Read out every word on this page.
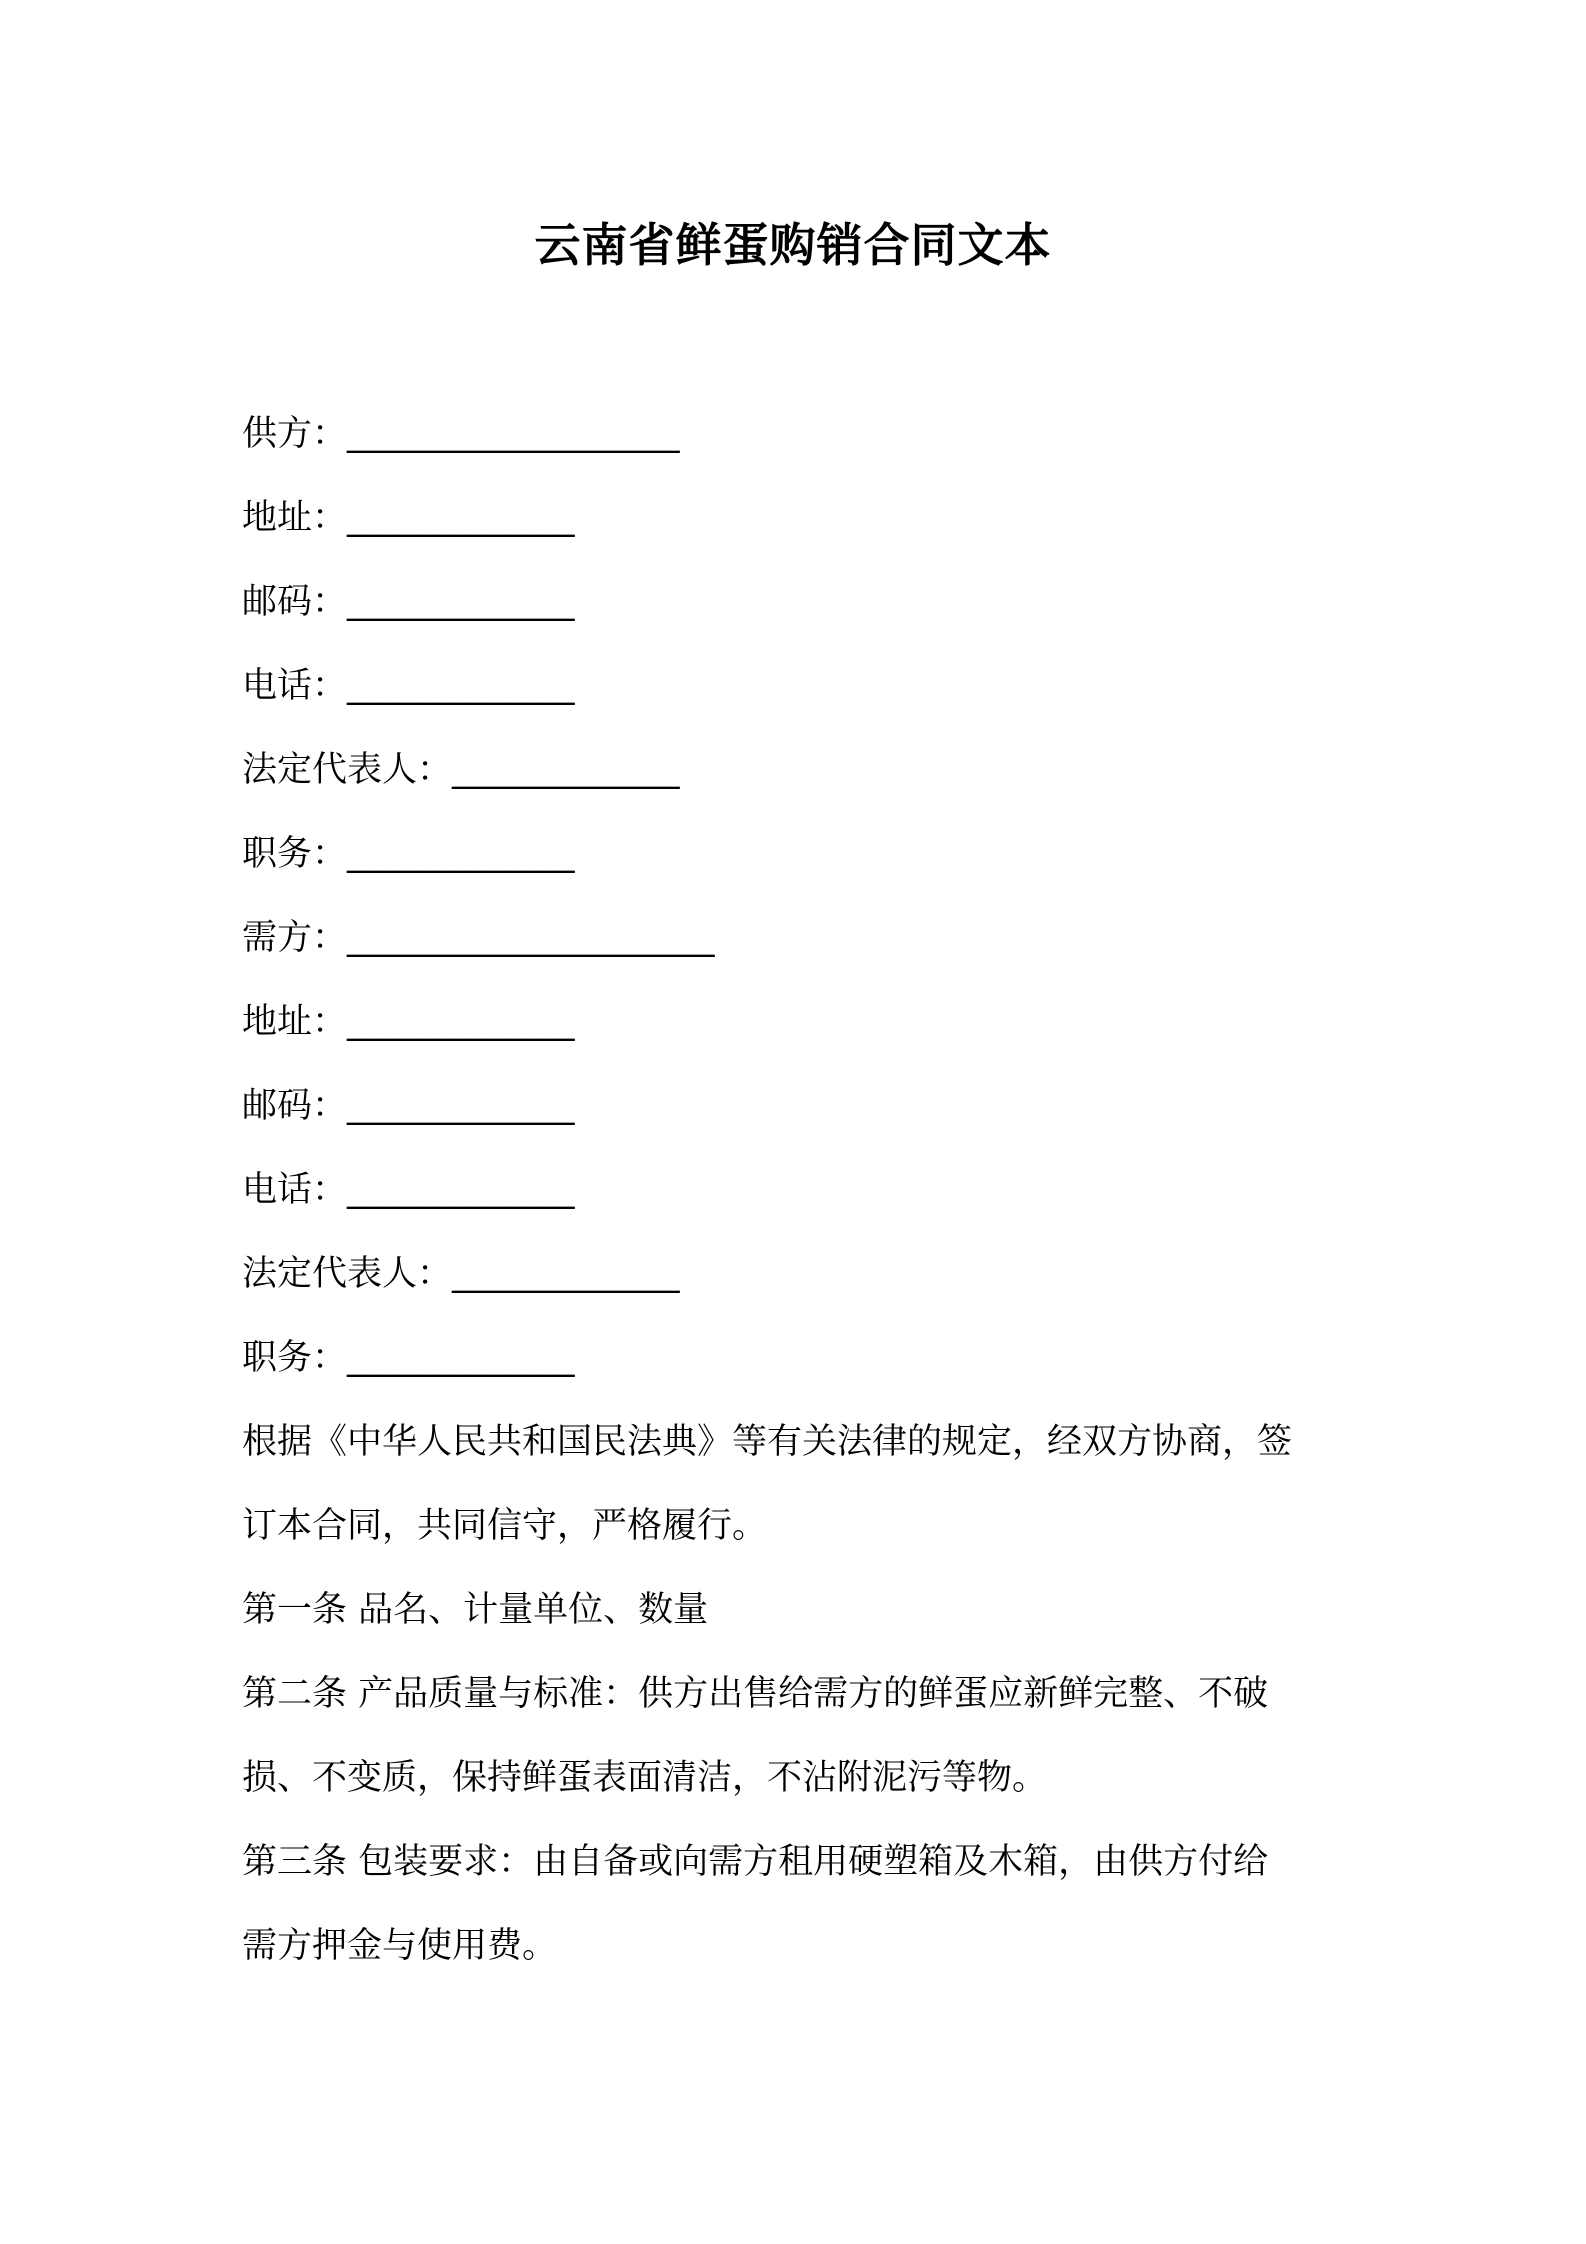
云南省鲜蛋购销合同文本
供方：___________________
地址：_____________
邮码：_____________
电话：_____________
法定代表人：_____________
职务：_____________
需方：_____________________
地址：_____________
邮码：_____________
电话：_____________
法定代表人：_____________
职务：_____________
根据《中华人民共和国民法典》等有关法律的规定，经双方协商，签
订本合同，共同信守，严格履行。
第一条 品名、计量单位、数量
第二条 产品质量与标准：供方出售给需方的鲜蛋应新鲜完整、不破
损、不变质，保持鲜蛋表面清洁，不沾附泥污等物。
第三条 包装要求：由自备或向需方租用硬塑箱及木箱，由供方付给
需方押金与使用费。
